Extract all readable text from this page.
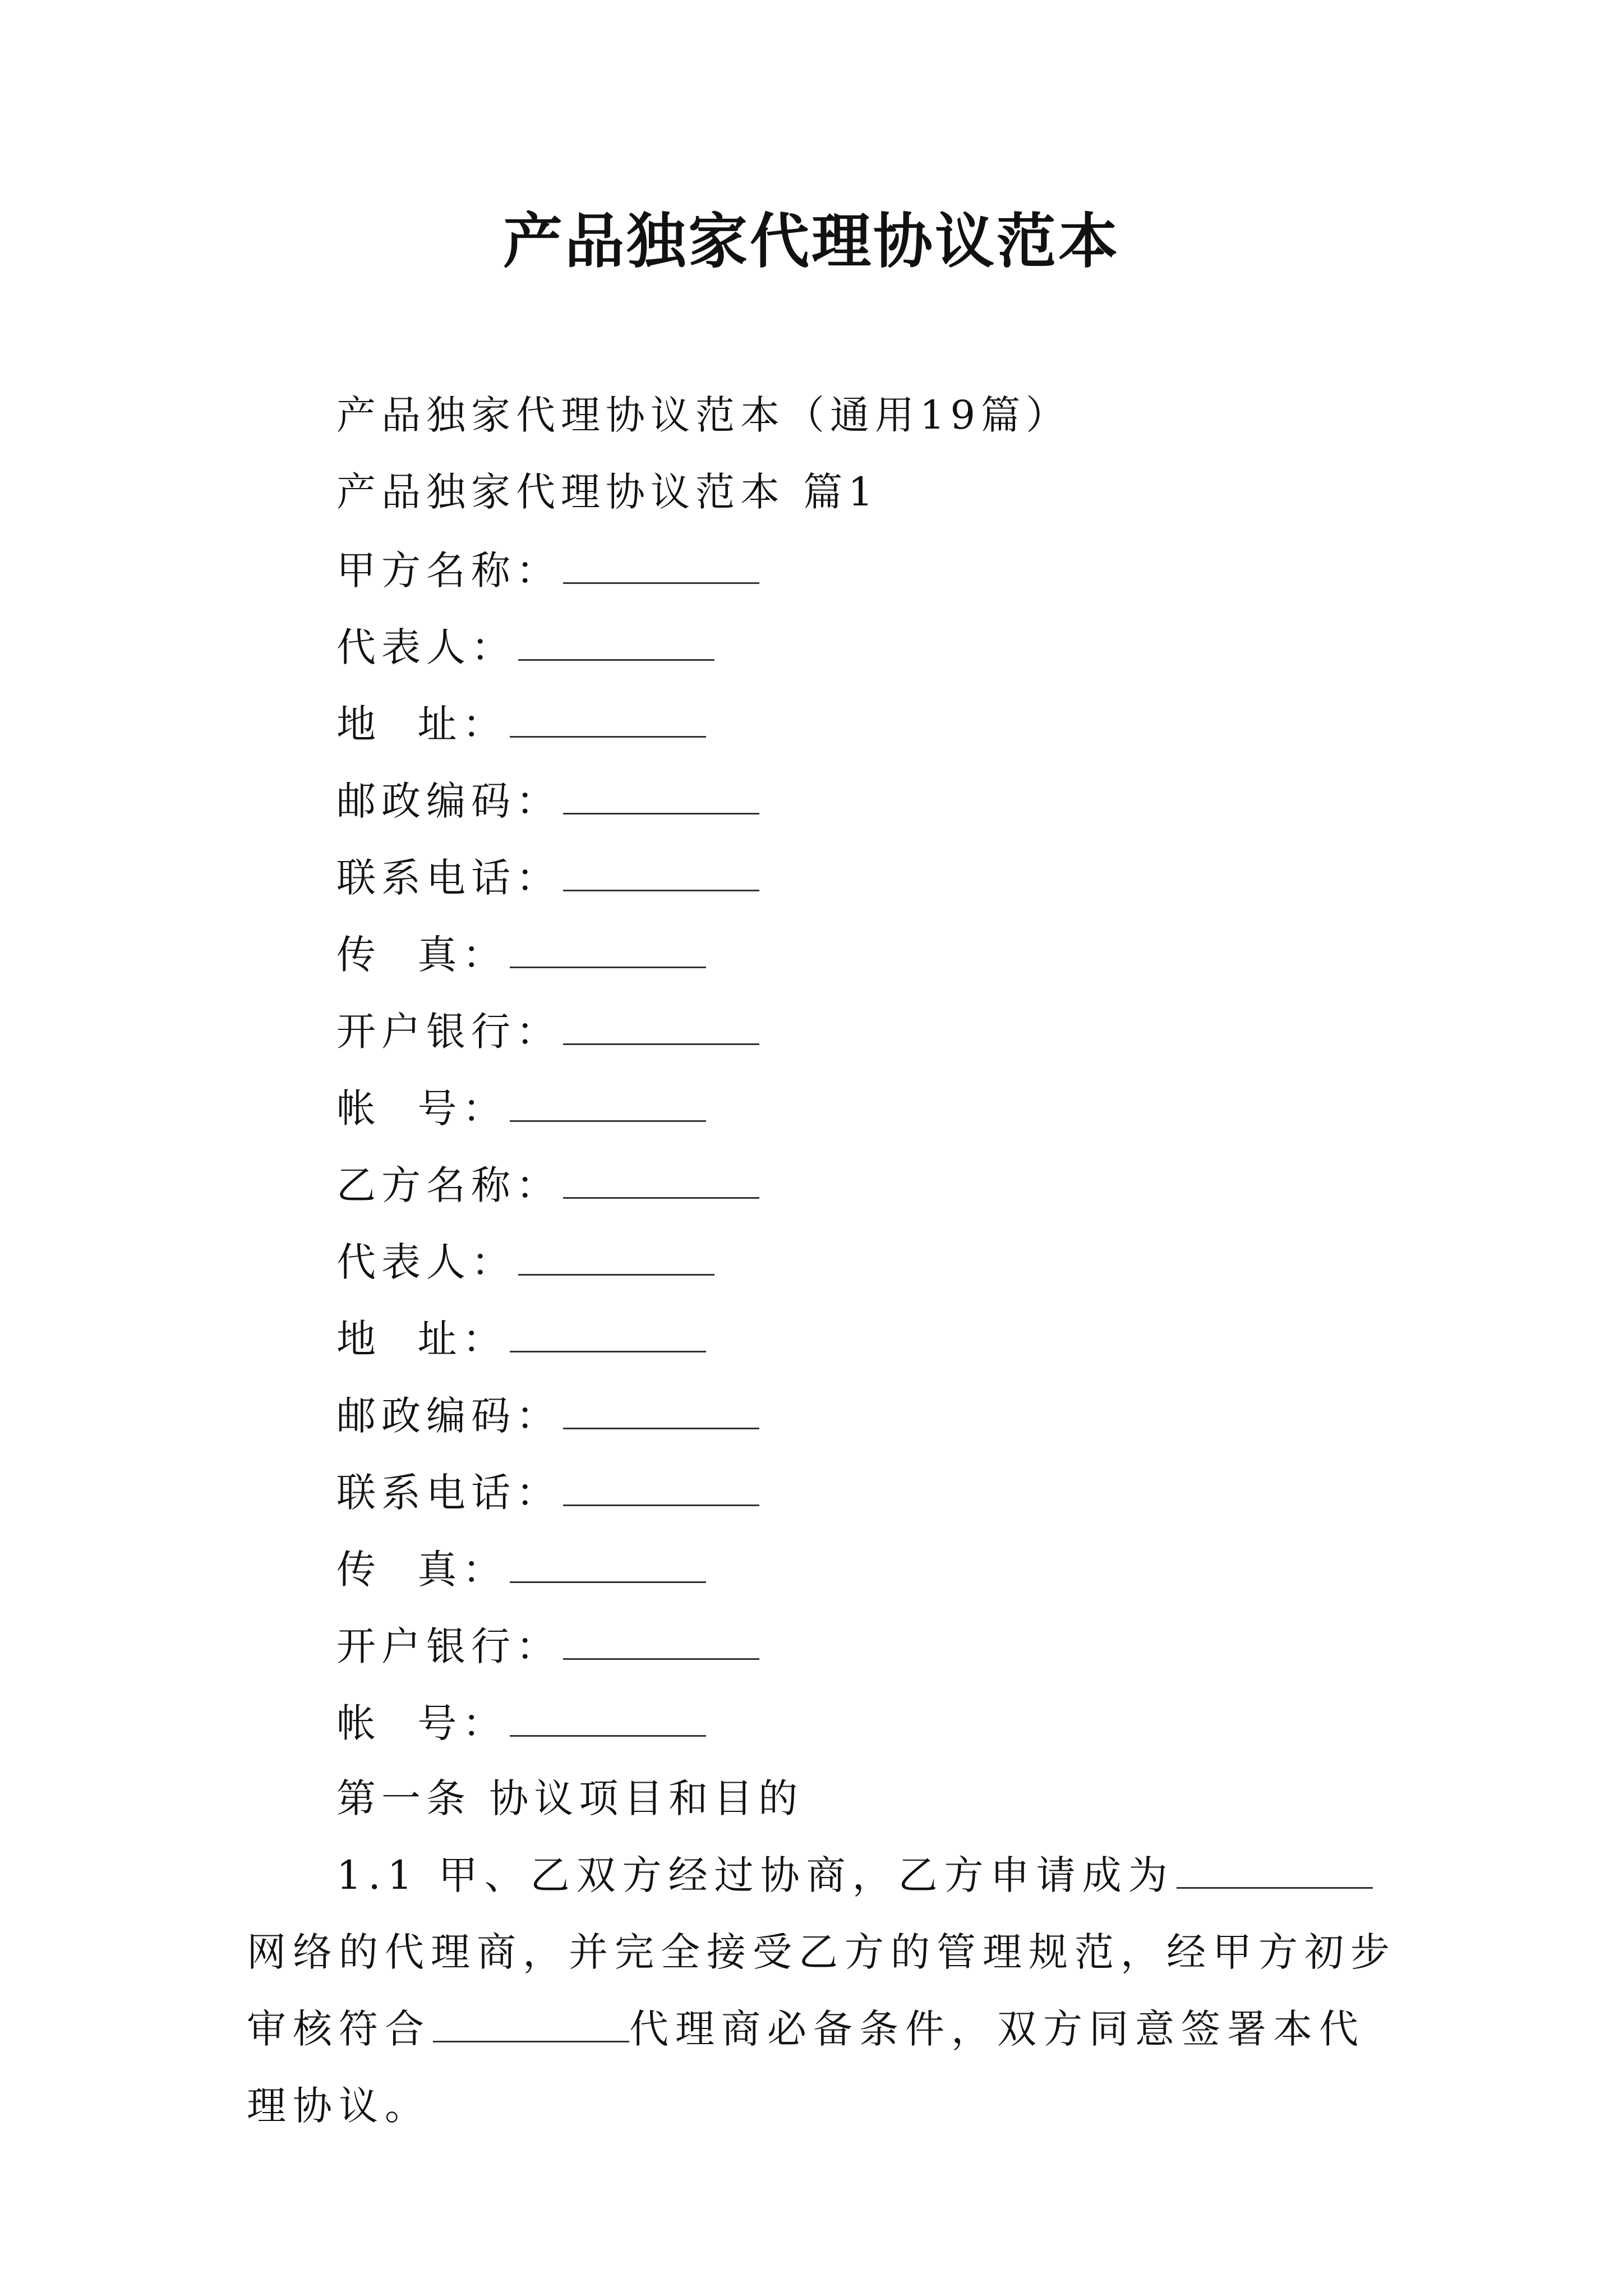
产品独家代理协议范本
产品独家代理协议范本（通用19篇）
产品独家代理协议范本 篇1
甲方名称：
代表人：
地  址：
邮政编码：
联系电话：
传  真：
开户银行：
帐  号：
乙方名称：
代表人：
地  址：
邮政编码：
联系电话：
传  真：
开户银行：
帐  号：
第一条 协议项目和目的
1.1 甲、乙双方经过协商，乙方申请成为网络的代理商，并完全接受乙方的管理规范，经甲方初步审核符合	代理商必备条件，双方同意签署本代理协议。
